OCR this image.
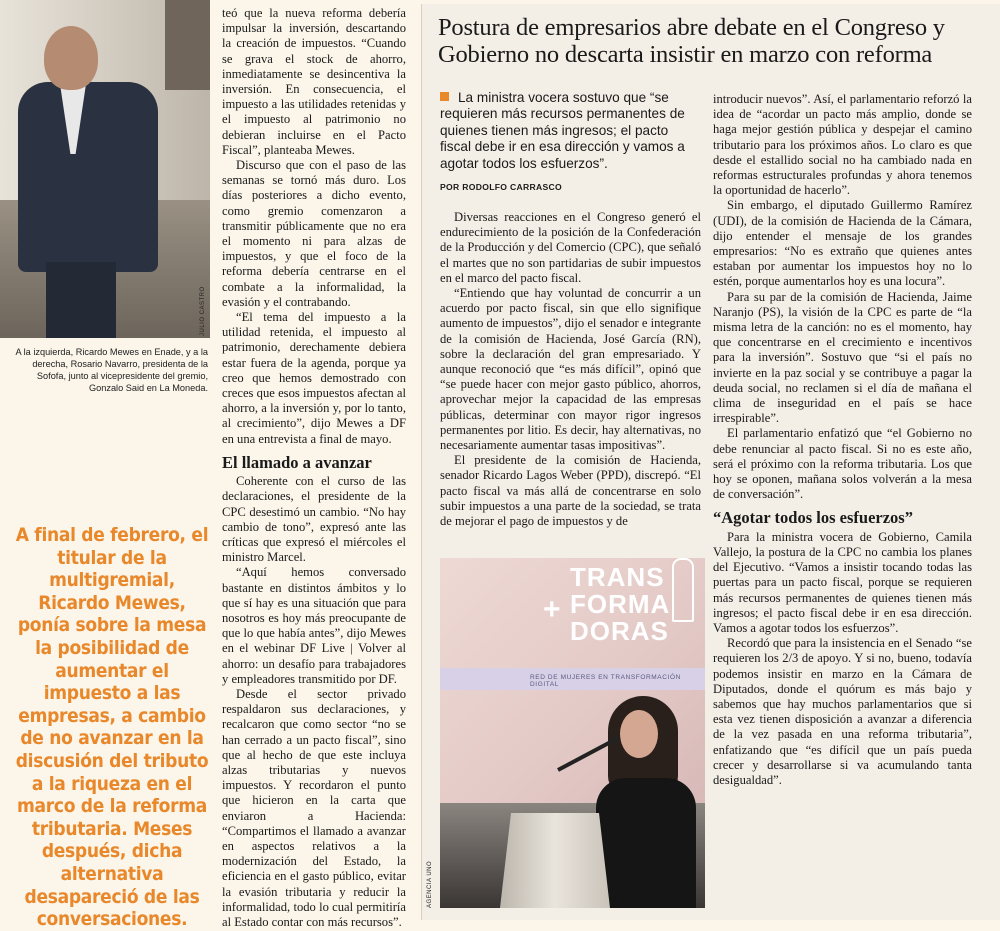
JULIO CASTRO
A la izquierda, Ricardo Mewes en Enade, y a la derecha, Rosario Navarro, presidenta de la Sofofa, junto al vicepresidente del gremio, Gonzalo Said en La Moneda.
A final de febrero, el titular de la multigremial, Ricardo Mewes, ponía sobre la mesa la posibilidad de aumentar el impuesto a las empresas, a cambio de no avanzar en la discusión del tributo a la riqueza en el marco de la reforma tributaria. Meses después, dicha alternativa desapareció de las conversaciones.

teó que la nueva reforma debería impulsar la inversión, descartando la creación de impuestos. “Cuando se grava el stock de ahorro, inmediatamente se desincentiva la inversión. En consecuencia, el impuesto a las utilidades retenidas y el impuesto al patrimonio no debieran incluirse en el Pacto Fiscal”, planteaba Mewes.

Discurso que con el paso de las semanas se tornó más duro. Los días posteriores a dicho evento, como gremio comenzaron a transmitir públicamente que no era el momento ni para alzas de impuestos, y que el foco de la reforma debería centrarse en el combate a la informalidad, la evasión y el contrabando.

“El tema del impuesto a la utilidad retenida, el impuesto al patrimonio, derechamente debiera estar fuera de la agenda, porque ya creo que hemos demostrado con creces que esos impuestos afectan al ahorro, a la inversión y, por lo tanto, al crecimiento”, dijo Mewes a DF en una entrevista a final de mayo.

El llamado a avanzar

Coherente con el curso de las declaraciones, el presidente de la CPC desestimó un cambio. “No hay cambio de tono”, expresó ante las críticas que expresó el miércoles el ministro Marcel.

“Aquí hemos conversado bastante en distintos ámbitos y lo que sí hay es una situación que para nosotros es hoy más preocupante de que lo que había antes”, dijo Mewes en el webinar DF Live | Volver al ahorro: un desafío para trabajadores y empleadores transmitido por DF.

Desde el sector privado respaldaron sus declaraciones, y recalcaron que como sector “no se han cerrado a un pacto fiscal”, sino que al hecho de que este incluya alzas tributarias y nuevos impuestos. Y recordaron el punto que hicieron en la carta que enviaron a Hacienda: “Compartimos el llamado a avanzar en aspectos relativos a la modernización del Estado, la eficiencia en el gasto público, evitar la evasión tributaria y reducir la informalidad, todo lo cual permitiría al Estado contar con más recursos”.

Postura de empresarios abre debate en el Congreso y Gobierno no descarta insistir en marzo con reforma
La ministra vocera sostuvo que “se requieren más recursos permanentes de quienes tienen más ingresos; el pacto fiscal debe ir en esa dirección y vamos a agotar todos los esfuerzos”.
POR RODOLFO CARRASCO

Diversas reacciones en el Congreso generó el endurecimiento de la posición de la Confederación de la Producción y del Comercio (CPC), que señaló el martes que no son partidarias de subir impuestos en el marco del pacto fiscal.

“Entiendo que hay voluntad de concurrir a un acuerdo por pacto fiscal, sin que ello signifique aumento de impuestos”, dijo el senador e integrante de la comisión de Hacienda, José García (RN), sobre la declaración del gran empresariado. Y aunque reconoció que “es más difícil”, opinó que “se puede hacer con mejor gasto público, ahorros, aprovechar mejor la capacidad de las empresas públicas, determinar con mayor rigor ingresos permanentes por litio. Es decir, hay alternativas, no necesariamente aumentar tasas impositivas”.

El presidente de la comisión de Hacienda, senador Ricardo Lagos Weber (PPD), discrepó. “El pacto fiscal va más allá de concentrarse en solo subir impuestos a una parte de la sociedad, se trata de mejorar el pago de impuestos y de

TRANS
FORMA
DORAS
+
RED DE MUJERES EN TRANSFORMACIÓN DIGITAL
AGENCIA UNO

introducir nuevos”. Así, el parlamentario reforzó la idea de “acordar un pacto más amplio, donde se haga mejor gestión pública y despejar el camino tributario para los próximos años. Lo claro es que desde el estallido social no ha cambiado nada en reformas estructurales profundas y ahora tenemos la oportunidad de hacerlo”.

Sin embargo, el diputado Guillermo Ramírez (UDI), de la comisión de Hacienda de la Cámara, dijo entender el mensaje de los grandes empresarios: “No es extraño que quienes antes estaban por aumentar los impuestos hoy no lo estén, porque aumentarlos hoy es una locura”.

Para su par de la comisión de Hacienda, Jaime Naranjo (PS), la visión de la CPC es parte de “la misma letra de la canción: no es el momento, hay que concentrarse en el crecimiento e incentivos para la inversión”. Sostuvo que “si el país no invierte en la paz social y se contribuye a pagar la deuda social, no reclamen si el día de mañana el clima de inseguridad en el país se hace irrespirable”.

El parlamentario enfatizó que “el Gobierno no debe renunciar al pacto fiscal. Si no es este año, será el próximo con la reforma tributaria. Los que hoy se oponen, mañana solos volverán a la mesa de conversación”.

“Agotar todos los esfuerzos”

Para la ministra vocera de Gobierno, Camila Vallejo, la postura de la CPC no cambia los planes del Ejecutivo. “Vamos a insistir tocando todas las puertas para un pacto fiscal, porque se requieren más recursos permanentes de quienes tienen más ingresos; el pacto fiscal debe ir en esa dirección. Vamos a agotar todos los esfuerzos”.

Recordó que para la insistencia en el Senado “se requieren los 2/3 de apoyo. Y si no, bueno, todavía podemos insistir en marzo en la Cámara de Diputados, donde el quórum es más bajo y sabemos que hay muchos parlamentarios que si esta vez tienen disposición a avanzar a diferencia de la vez pasada en una reforma tributaria”, enfatizando que “es difícil que un país pueda crecer y desarrollarse si va acumulando tanta desigualdad”.
